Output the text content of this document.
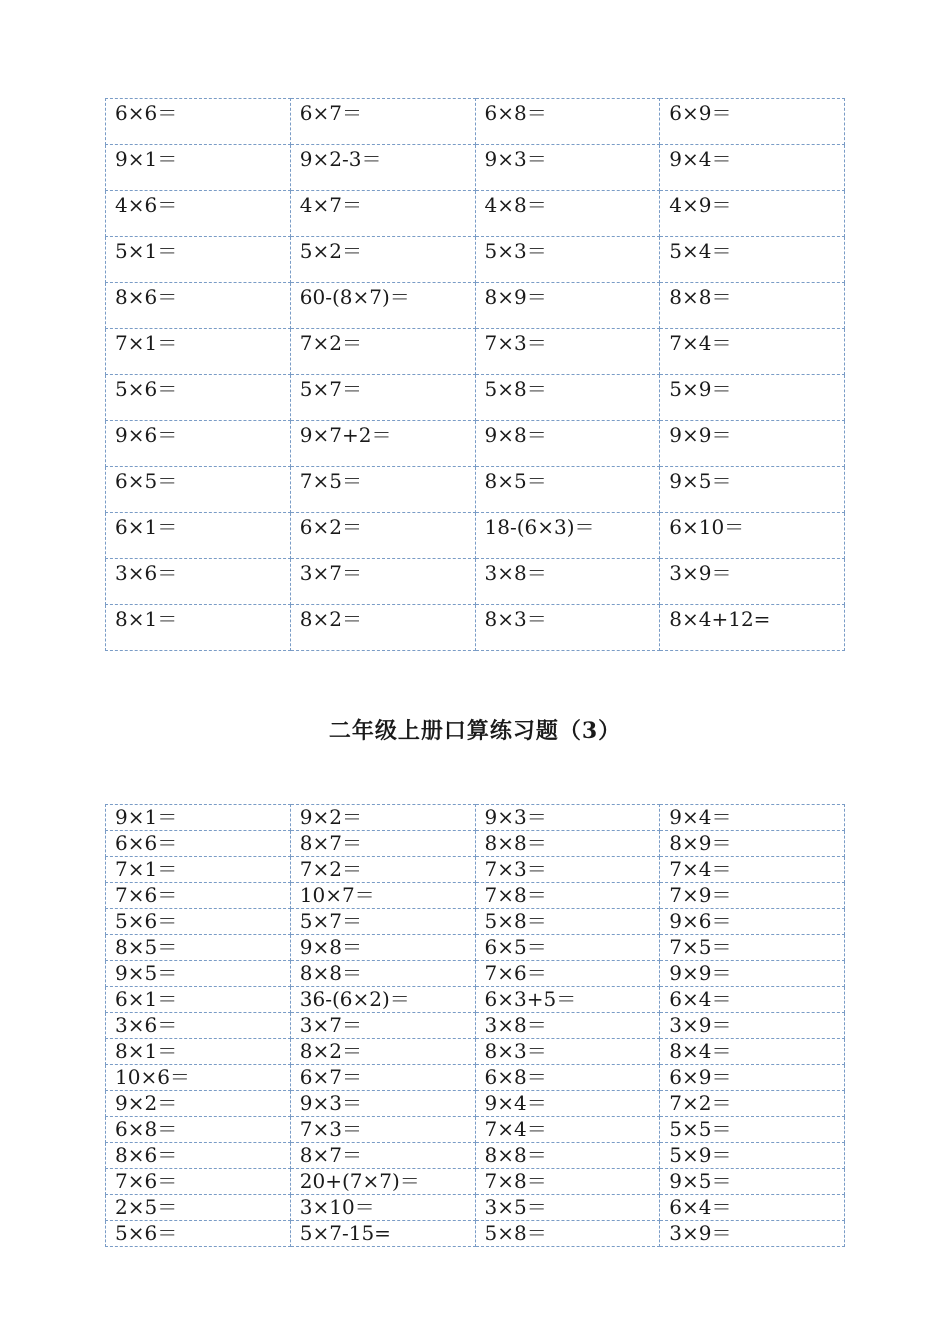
6×6＝	6×7＝	6×8＝	6×9＝
9×1＝	9×2-3＝	9×3＝	9×4＝
4×6＝	4×7＝	4×8＝	4×9＝
5×1＝	5×2＝	5×3＝	5×4＝
8×6＝	60-(8×7)＝	8×9＝	8×8＝
7×1＝	7×2＝	7×3＝	7×4＝
5×6＝	5×7＝	5×8＝	5×9＝
9×6＝	9×7+2＝	9×8＝	9×9＝
6×5＝	7×5＝	8×5＝	9×5＝
6×1＝	6×2＝	18-(6×3)＝	6×10＝
3×6＝	3×7＝	3×8＝	3×9＝
8×1＝	8×2＝	8×3＝	8×4+12=
二年级上册口算练习题（3）
9×1＝	9×2＝	9×3＝	9×4＝
6×6＝	8×7＝	8×8＝	8×9＝
7×1＝	7×2＝	7×3＝	7×4＝
7×6＝	10×7＝	7×8＝	7×9＝
5×6＝	5×7＝	5×8＝	9×6＝
8×5＝	9×8＝	6×5＝	7×5＝
9×5＝	8×8＝	7×6＝	9×9＝
6×1＝	36-(6×2)＝	6×3+5＝	6×4＝
3×6＝	3×7＝	3×8＝	3×9＝
8×1＝	8×2＝	8×3＝	8×4＝
10×6＝	6×7＝	6×8＝	6×9＝
9×2＝	9×3＝	9×4＝	7×2＝
6×8＝	7×3＝	7×4＝	5×5＝
8×6＝	8×7＝	8×8＝	5×9＝
7×6＝	20+(7×7)＝	7×8＝	9×5＝
2×5＝	3×10＝	3×5＝	6×4＝
5×6＝	5×7-15=	5×8＝	3×9＝
